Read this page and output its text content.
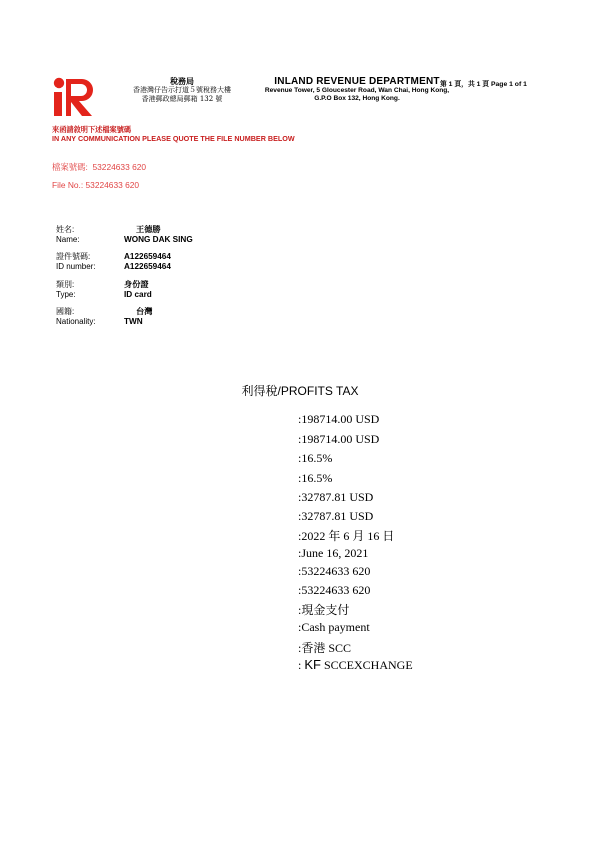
稅務局
香港灣仔告示打道５號稅務大樓
香港郵政總局郵箱 132 號
INLAND REVENUE DEPARTMENT
Revenue Tower, 5 Gloucester Road, Wan Chai, Hong Kong,
G.P.O Box 132, Hong Kong.
第 1 頁，共 1 頁 Page 1 of 1
來函請敘明下述檔案號碼
IN ANY COMMUNICATION PLEASE QUOTE THE FILE NUMBER BELOW
檔案號碼: 53224633 620
File No.: 53224633 620
姓名:
Name:
王德勝
WONG DAK SING
證件號碼:
ID number:
A122659464
A122659464
類別:
Type:
身份證
ID card
國籍:
Nationality:
台灣
TWN
利得稅/PROFITS TAX
:198714.00 USD
:198714.00 USD
:16.5%
:16.5%
:32787.81 USD
:32787.81 USD
:2022 年 6 月 16 日
:June 16, 2021
:53224633 620
:53224633 620
:現金支付
:Cash payment
:香港 SCC
: KF SCCEXCHANGE
